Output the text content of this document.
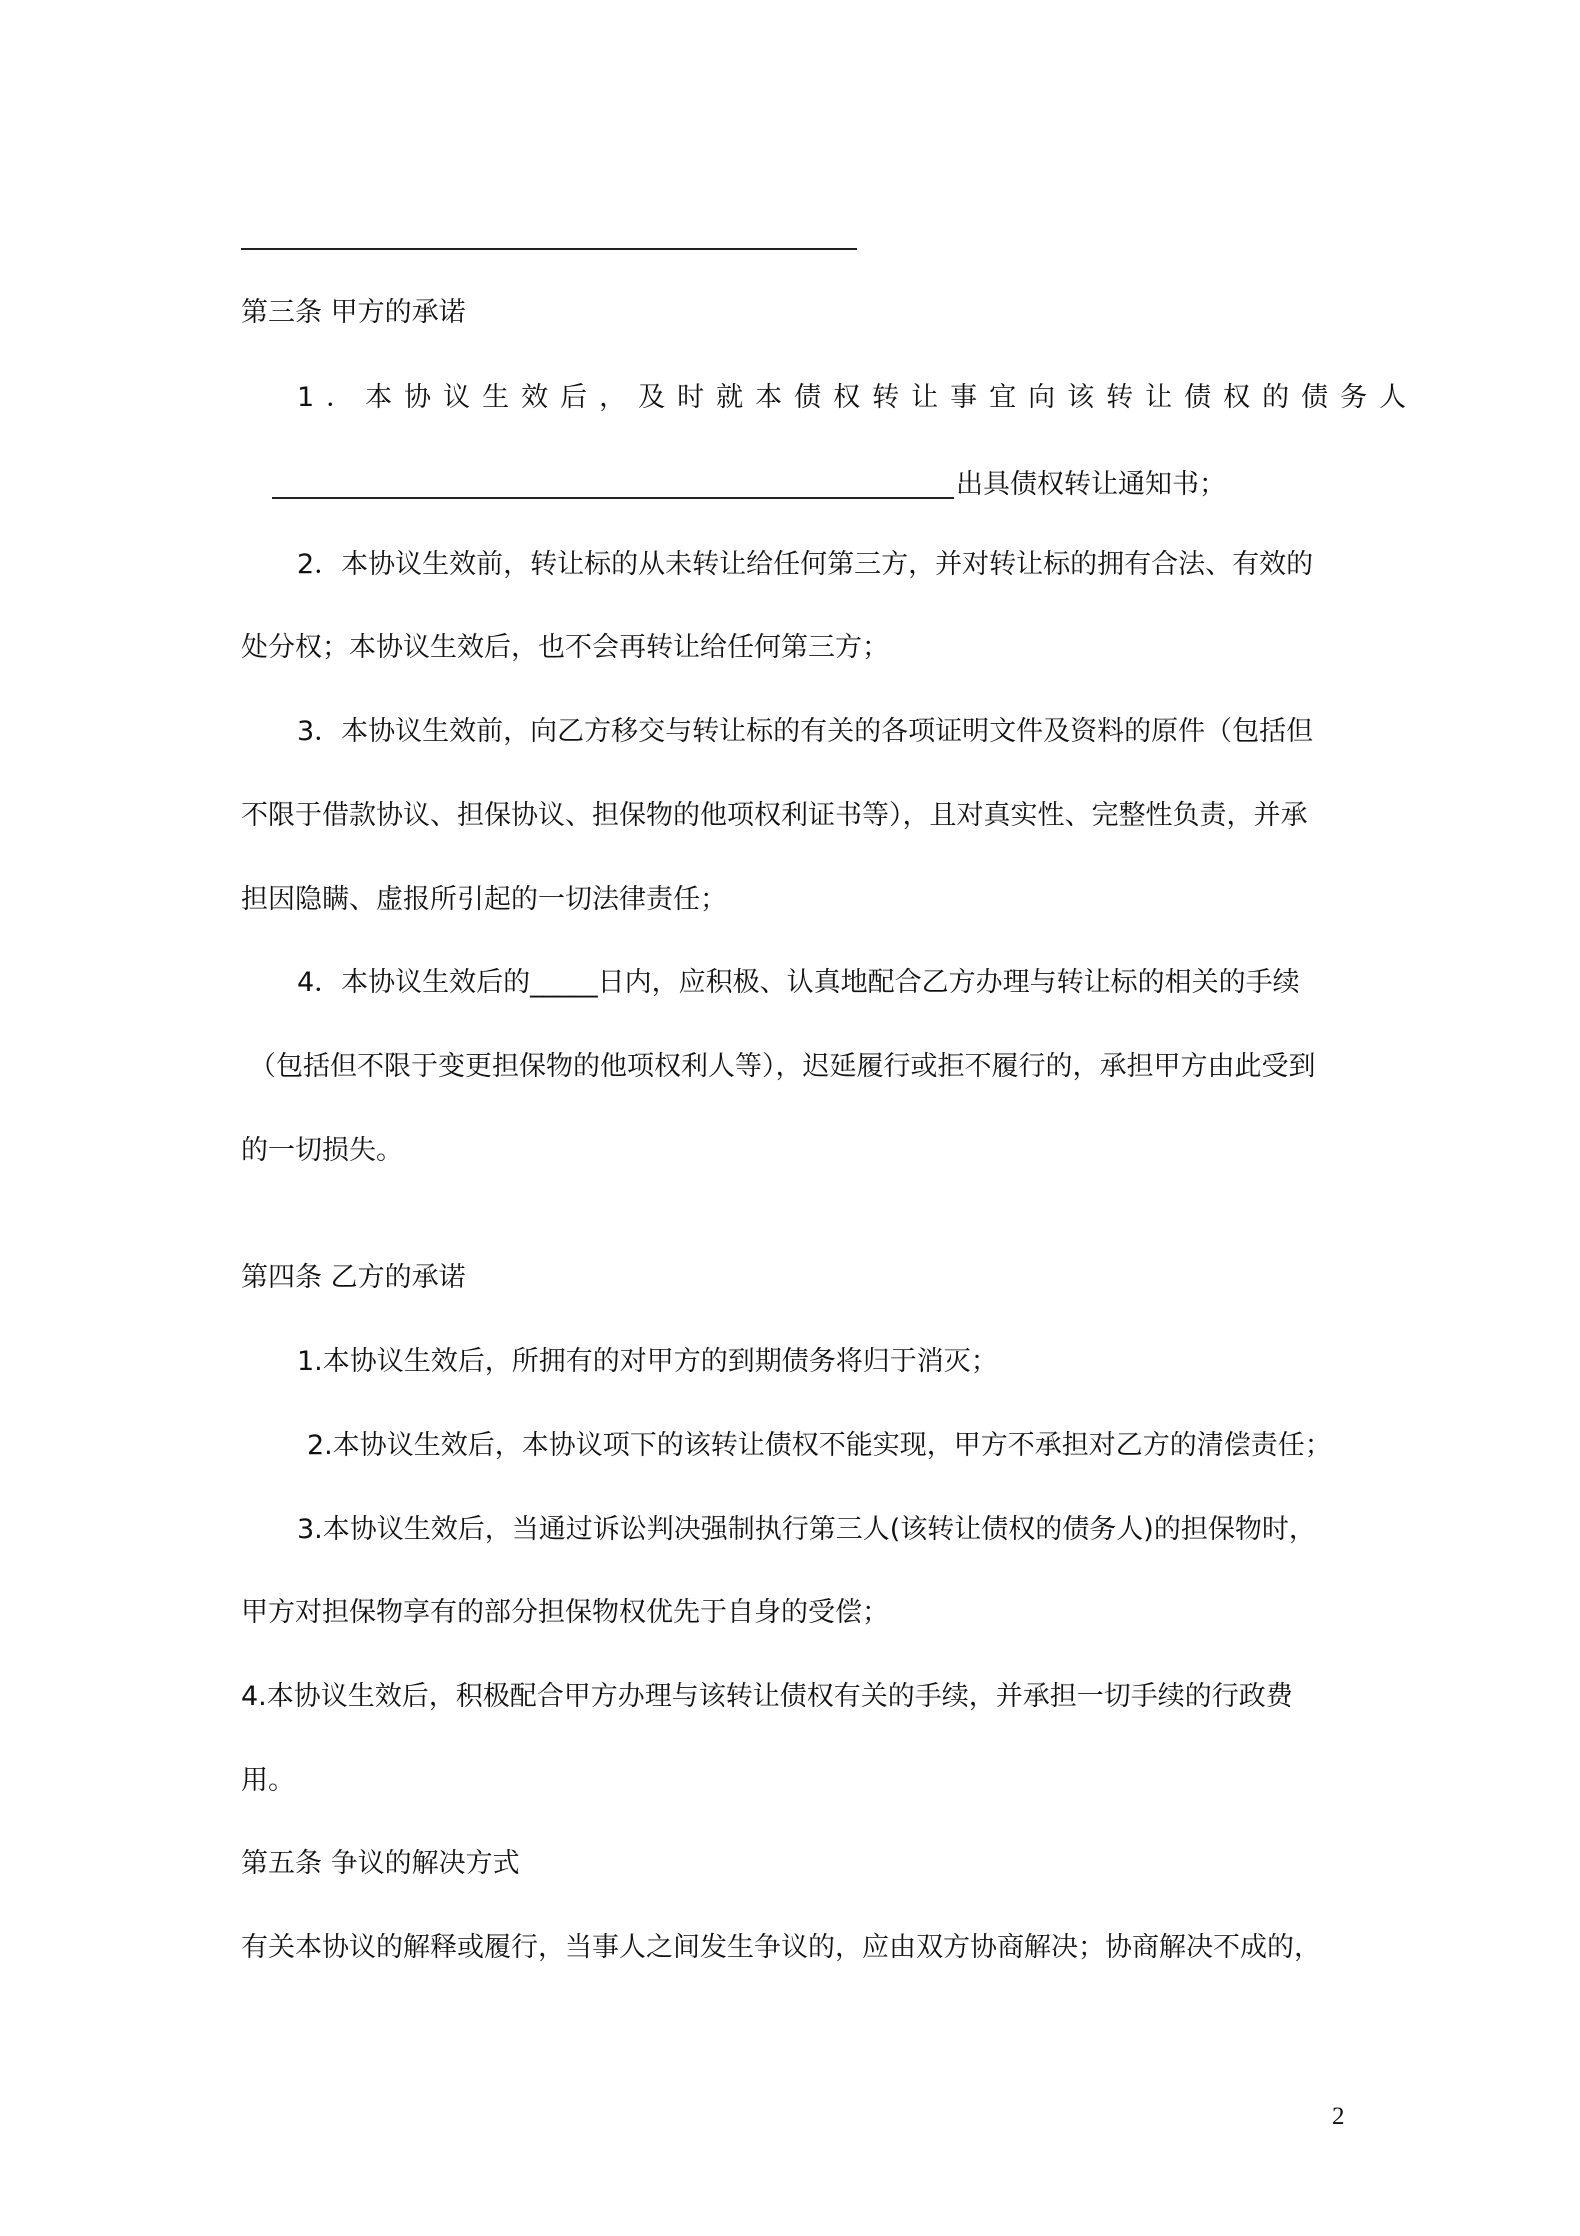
第三条 甲方的承诺
1．本协议生效后，及时就本债权转让事宜向该转让债权的债务人
出具债权转让通知书；
2．本协议生效前，转让标的从未转让给任何第三方，并对转让标的拥有合法、有效的
处分权；本协议生效后，也不会再转让给任何第三方；
3．本协议生效前，向乙方移交与转让标的有关的各项证明文件及资料的原件（包括但
不限于借款协议、担保协议、担保物的他项权利证书等），且对真实性、完整性负责，并承
担因隐瞒、虚报所引起的一切法律责任；
4．本协议生效后的_____日内，应积极、认真地配合乙方办理与转让标的相关的手续
（包括但不限于变更担保物的他项权利人等），迟延履行或拒不履行的，承担甲方由此受到
的一切损失。
第四条 乙方的承诺
1.本协议生效后，所拥有的对甲方的到期债务将归于消灭；
2.本协议生效后，本协议项下的该转让债权不能实现，甲方不承担对乙方的清偿责任；
3.本协议生效后，当通过诉讼判决强制执行第三人(该转让债权的债务人)的担保物时，
甲方对担保物享有的部分担保物权优先于自身的受偿；
4.本协议生效后，积极配合甲方办理与该转让债权有关的手续，并承担一切手续的行政费
用。
第五条 争议的解决方式
有关本协议的解释或履行，当事人之间发生争议的，应由双方协商解决；协商解决不成的，
2
